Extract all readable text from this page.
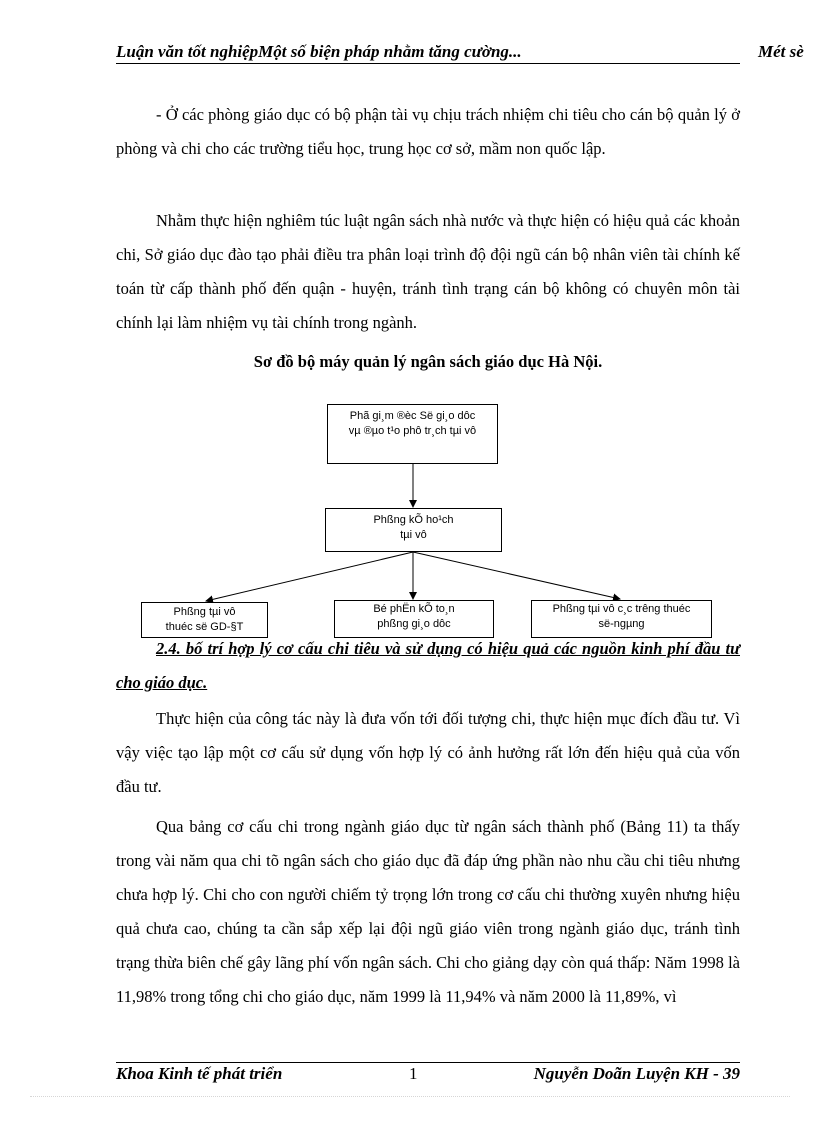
Luận văn tốt nghiệpMột số biện pháp nhằm tăng cường...	Mét sè

- Ở các phòng giáo dục có bộ phận tài vụ chịu trách nhiệm chi tiêu cho cán bộ quản lý ở phòng và chi cho các trường tiểu học, trung học cơ sở, mầm non quốc lập.

Nhằm thực hiện nghiêm túc luật ngân sách nhà nước và thực hiện có hiệu quả các khoản chi, Sở giáo dục đào tạo phải điều tra phân loại trình độ đội ngũ cán bộ nhân viên tài chính kế toán từ cấp thành phố đến quận - huyện, tránh tình trạng cán bộ không có chuyên môn tài chính lại làm nhiệm vụ tài chính trong ngành.

Sơ đồ bộ máy quản lý ngân sách giáo dục Hà Nội.

Phã gi¸m ®èc Së gi¸o dôc
vµ ®µo t¹o phô tr¸ch tµi vô
Phßng kÕ ho¹ch
tµi vô
Phßng tµi vô
thuéc së GD-§T
Bé phËn kÕ to¸n
phßng gi¸o dôc
Phßng tµi vô c¸c trêng thuéc
së-ngµng

2.4. bố trí hợp lý cơ cấu chi tiêu và sử dụng có hiệu quả các nguồn kinh phí đầu tư cho giáo dục.

Thực hiện của công tác này là đưa vốn tới đối tượng chi, thực hiện mục đích đầu tư. Vì vậy việc tạo lập một cơ cấu sử dụng vốn hợp lý có ảnh hưởng rất lớn đến hiệu quả của vốn đầu tư.

Qua bảng cơ cấu chi trong ngành giáo dục từ ngân sách thành phố (Bảng 11) ta thấy trong vài năm qua chi tõ ngân sách cho giáo dục đã đáp ứng phần nào nhu cầu chi tiêu nhưng chưa hợp lý. Chi cho con người chiếm tỷ trọng lớn trong cơ cấu chi thường xuyên nhưng hiệu quả chưa cao, chúng ta cần sắp xếp lại đội ngũ giáo viên trong ngành giáo dục, tránh tình trạng thừa biên chế gây lãng phí vốn ngân sách. Chi cho giảng dạy còn quá thấp: Năm 1998 là 11,98% trong tổng chi cho giáo dục, năm 1999 là 11,94% và năm 2000 là 11,89%, vì

Khoa Kinh tế phát triển	1	Nguyễn Doãn Luyện KH - 39
